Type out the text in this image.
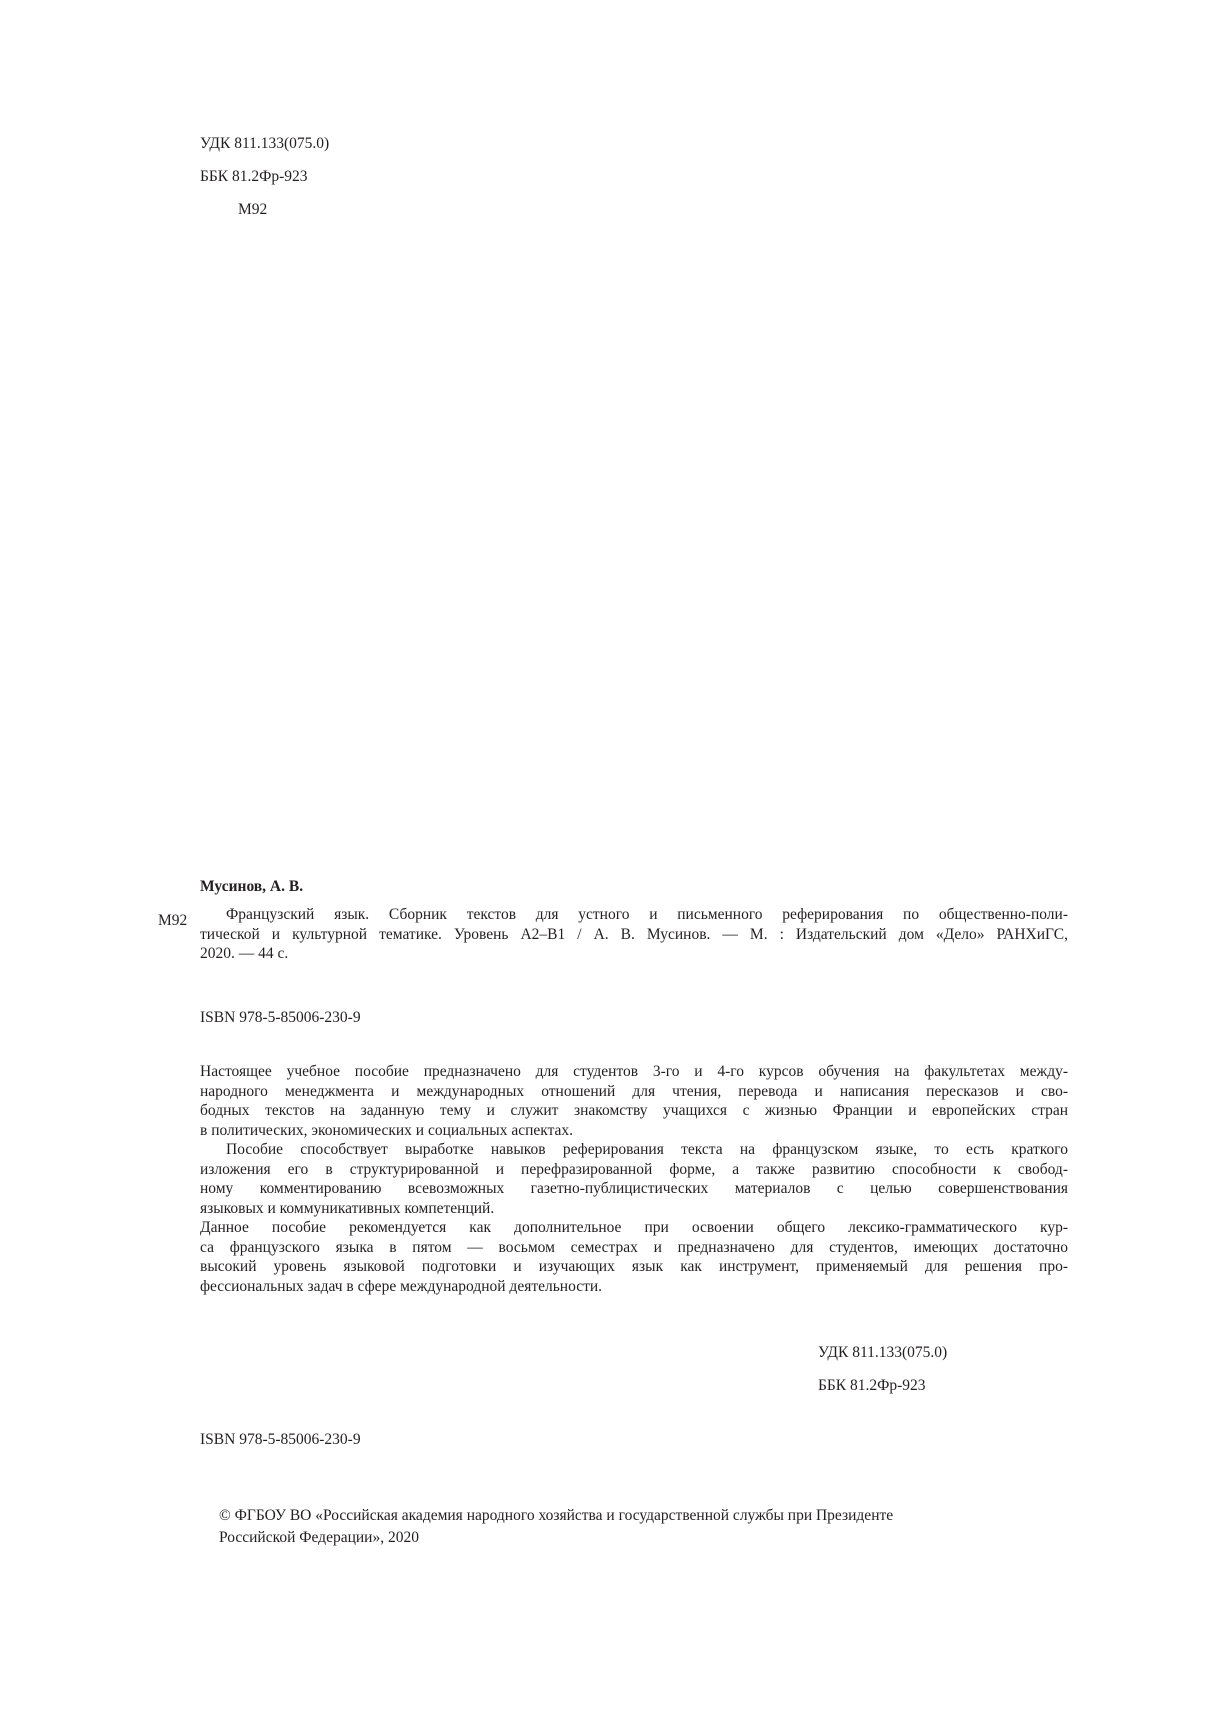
УДК 811.133(075.0)
ББК 81.2Фр-923
М92
Мусинов, А. В.
М92	Французский язык. Сборник текстов для устного и письменного реферирования по общественно-поли-
тической и культурной тематике. Уровень А2–В1 / А. В. Мусинов. — М. : Издательский дом «Дело» РАНХиГС,
2020. — 44 с.
ISBN 978-5-85006-230-9
Настоящее учебное пособие предназначено для студентов 3-го и 4-го курсов обучения на факультетах между-
народного менеджмента и международных отношений для чтения, перевода и написания пересказов и сво-
бодных текстов на заданную тему и служит знакомству учащихся с жизнью Франции и европейских стран
в политических, экономических и социальных аспектах.
Пособие способствует выработке навыков реферирования текста на французском языке, то есть краткого
изложения его в структурированной и перефразированной форме, а также развитию способности к свобод-
ному комментированию всевозможных газетно-публицистических материалов с целью совершенствования
языковых и коммуникативных компетенций.
Данное пособие рекомендуется как дополнительное при освоении общего лексико-грамматического кур-
са французского языка в пятом — восьмом семестрах и предназначено для студентов, имеющих достаточно
высокий уровень языковой подготовки и изучающих язык как инструмент, применяемый для решения про-
фессиональных задач в сфере международной деятельности.
УДК 811.133(075.0)
ББК 81.2Фр-923
ISBN 978-5-85006-230-9
© ФГБОУ ВО «Российская академия народного хозяйства и государственной службы при Президенте
Российской Федерации», 2020
